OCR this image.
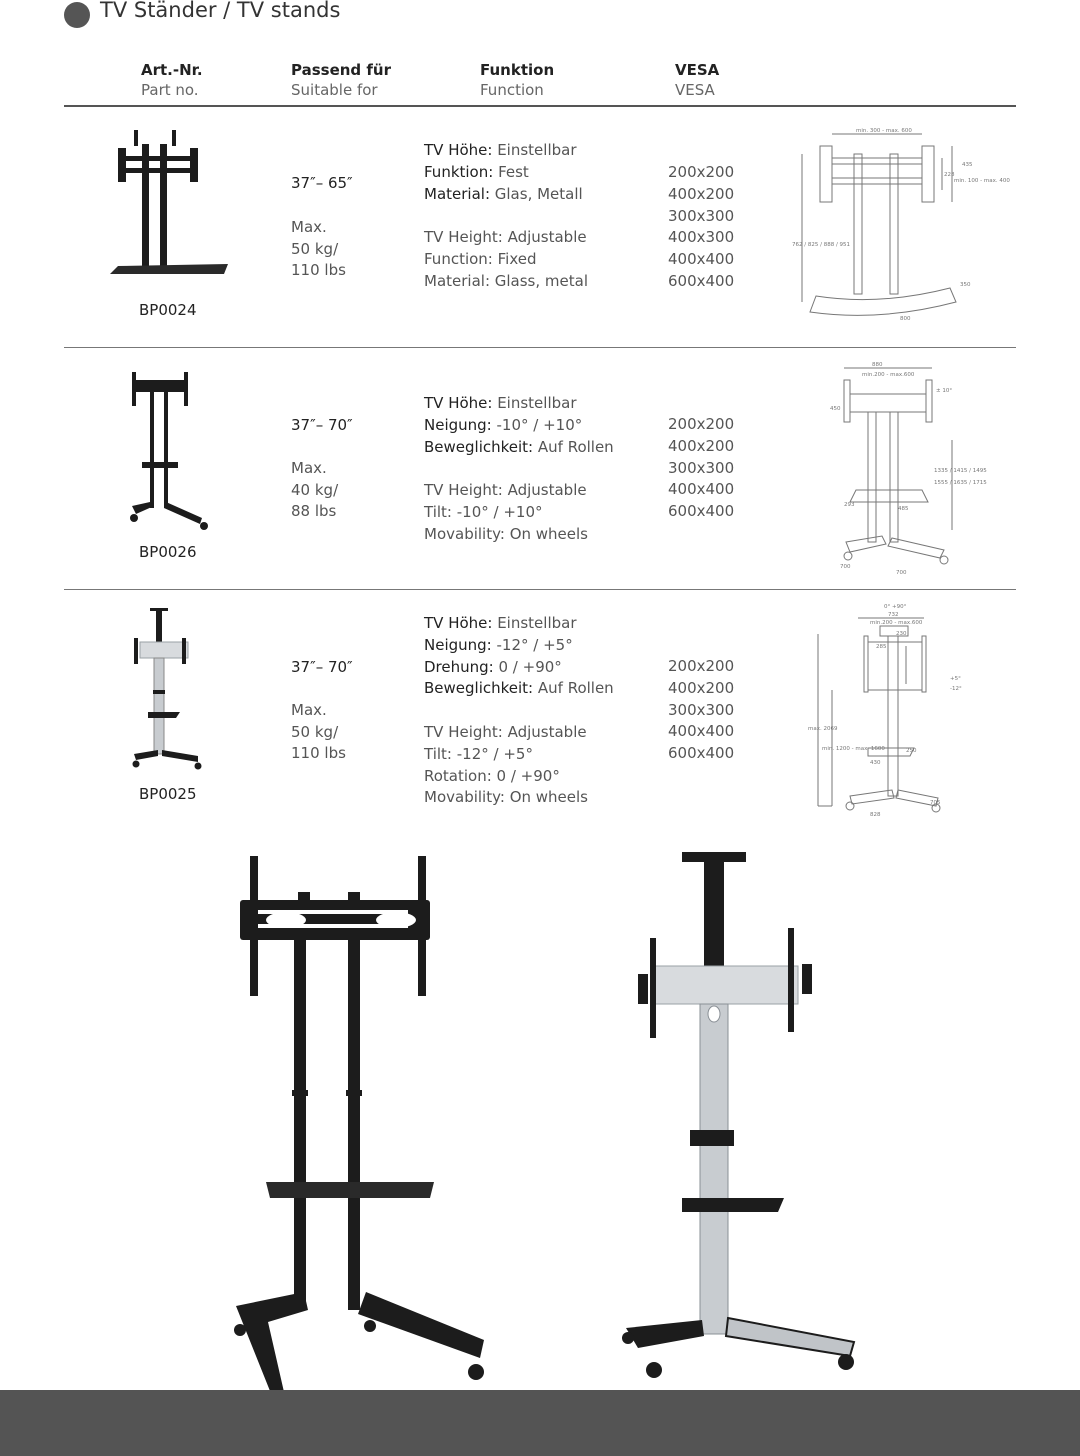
TV Ständer / TV stands
Art.-Nr.
Part no.
Passend für
Suitable for
Funktion
Function
VESA
VESA
BP0024
37″– 65″
Max.
50 kg/
110 lbs
TV Höhe: Einstellbar
Funktion: Fest
Material: Glas, Metall
TV Height: Adjustable
Function: Fixed
Material: Glass, metal
200x200
400x200
300x300
400x300
400x400
600x400
min. 300 - max. 600
228
min. 100 - max. 400
435
762 / 825 / 888 / 951
350
800
BP0026
37″– 70″
Max.
40 kg/
88 lbs
TV Höhe: Einstellbar
Neigung: -10° / +10°
Beweglichkeit: Auf Rollen
TV Height: Adjustable
Tilt: -10° / +10°
Movability: On wheels
200x200
400x200
300x300
400x400
600x400
880
min.200 - max.600
± 10°
450
1335 / 1415 / 1495
1555 / 1635 / 1715
293
485
700
700
BP0025
37″– 70″
Max.
50 kg/
110 lbs
TV Höhe: Einstellbar
Neigung: -12° / +5°
Drehung: 0 / +90°
Beweglichkeit: Auf Rollen
TV Height: Adjustable
Tilt: -12° / +5°
Rotation: 0 / +90°
Movability: On wheels
200x200
400x200
300x300
400x400
600x400
0° +90°
732
min.200 - max.600
230
285
+5°
-12°
max. 2069
min. 1200 - max. 1600	250
430
828
705
